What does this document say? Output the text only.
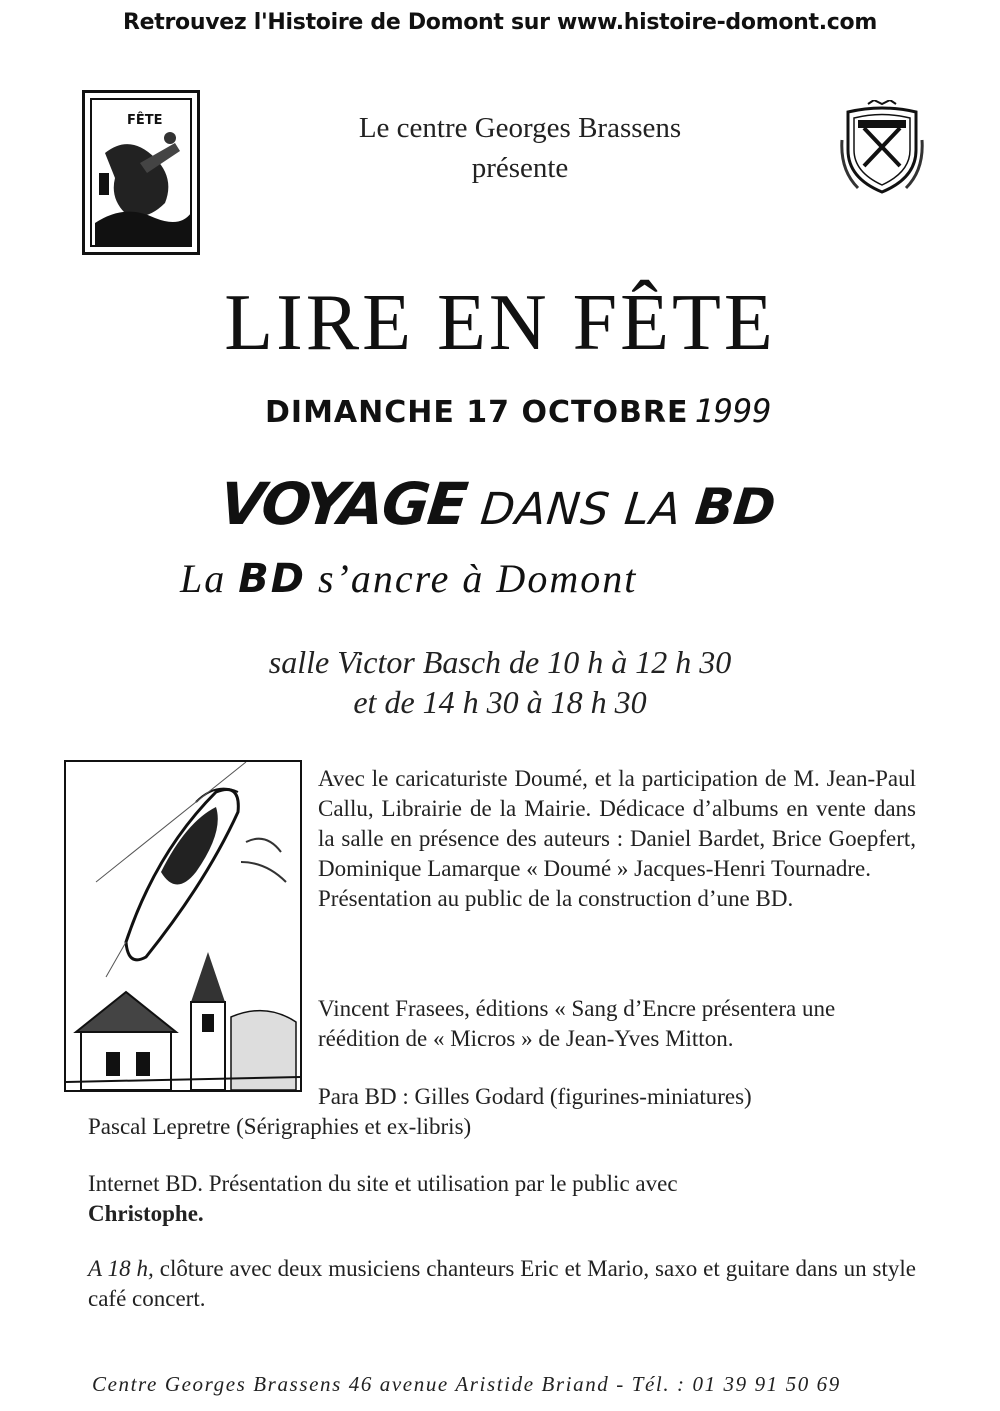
Retrouvez l'Histoire de Domont sur www.histoire-domont.com
FÊTE	Le centre Georges Brassens
présente
LIRE EN FÊTE
DIMANCHE 17 OCTOBRE 1999
VOYAGE DANS LA BD
La BD s’ancre à Domont
salle Victor Basch de 10 h à 12 h 30
et de 14 h 30 à 18 h 30
Avec le caricaturiste Doumé, et la participation de M. Jean-Paul Callu, Librairie de la Mairie. Dédicace d’albums en vente dans la salle en présence des auteurs : Daniel Bardet, Brice Goepfert, Dominique Lamarque « Doumé » Jacques-Henri Tournadre.
Présentation au public de la construction d’une BD.
Vincent Frasees, éditions « Sang d’Encre présentera une réédition de « Micros » de Jean-Yves Mitton.
Para BD : Gilles Godard (figurines-miniatures)
Pascal Lepretre (Sérigraphies et ex-libris)
Internet BD. Présentation du site et utilisation par le public avec
Christophe.
A 18 h, clôture avec deux musiciens chanteurs Eric et Mario, saxo et guitare dans un style café concert.
Centre Georges Brassens 46 avenue Aristide Briand - Tél. : 01 39 91 50 69
